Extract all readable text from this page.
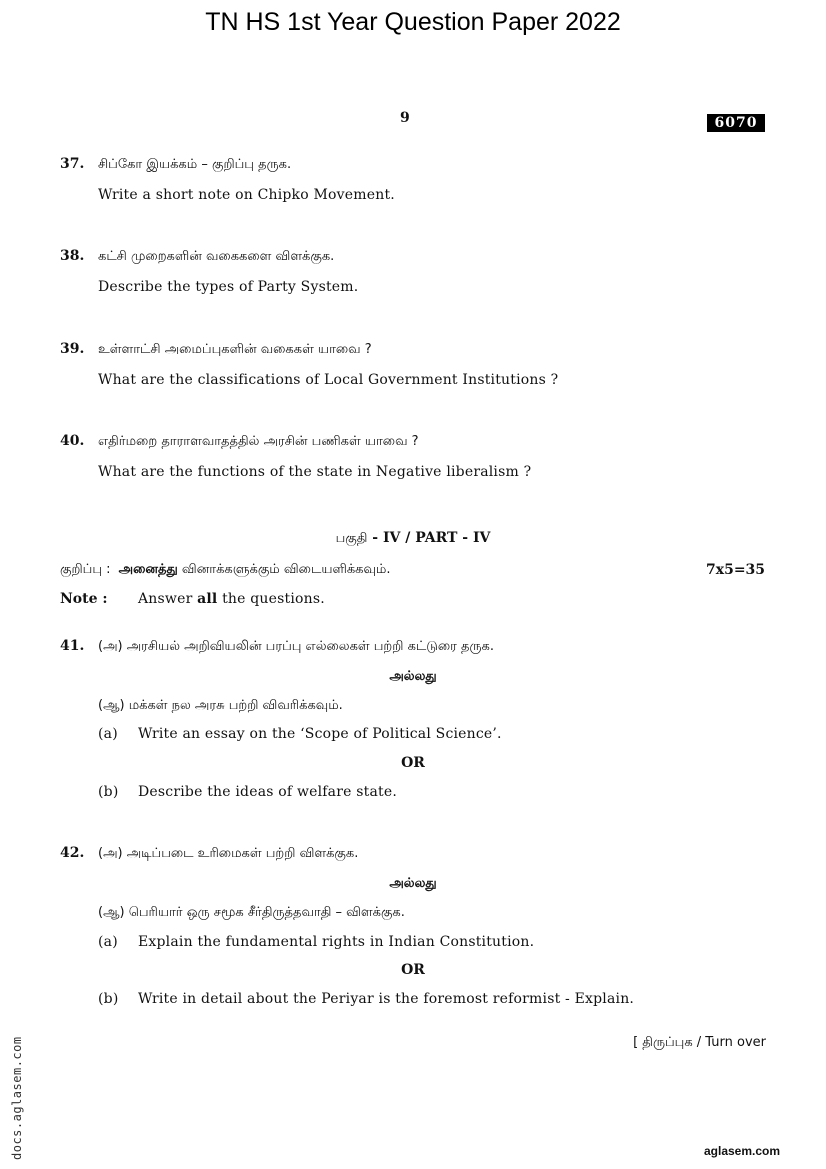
TN HS 1st Year Question Paper 2022
9	6070
37. சிப்கோ இயக்கம் – குறிப்பு தருக.
Write a short note on Chipko Movement.
38. கட்சி முறைகளின் வகைகளை விளக்குக.
Describe the types of Party System.
39. உள்ளாட்சி அமைப்புகளின் வகைகள் யாவை ?
What are the classifications of Local Government Institutions ?
40. எதிர்மறை தாராளவாதத்தில் அரசின் பணிகள் யாவை ?
What are the functions of the state in Negative liberalism ?
பகுதி - IV / PART - IV
குறிப்பு : அனைத்து வினாக்களுக்கும் விடையளிக்கவும்.	7x5=35
Note : Answer all the questions.
41. (அ) அரசியல் அறிவியலின் பரப்பு எல்லைகள் பற்றி கட்டுரை தருக.
அல்லது
(ஆ) மக்கள் நல அரசு பற்றி விவரிக்கவும்.
(a) Write an essay on the ‘Scope of Political Science’.
OR
(b) Describe the ideas of welfare state.
42. (அ) அடிப்படை உரிமைகள் பற்றி விளக்குக.
அல்லது
(ஆ) பெரியார் ஒரு சமூக சீர்திருத்தவாதி – விளக்குக.
(a) Explain the fundamental rights in Indian Constitution.
OR
(b) Write in detail about the Periyar is the foremost reformist - Explain.
[ திருப்புக / Turn over
docs.aglasem.com	aglasem.com
